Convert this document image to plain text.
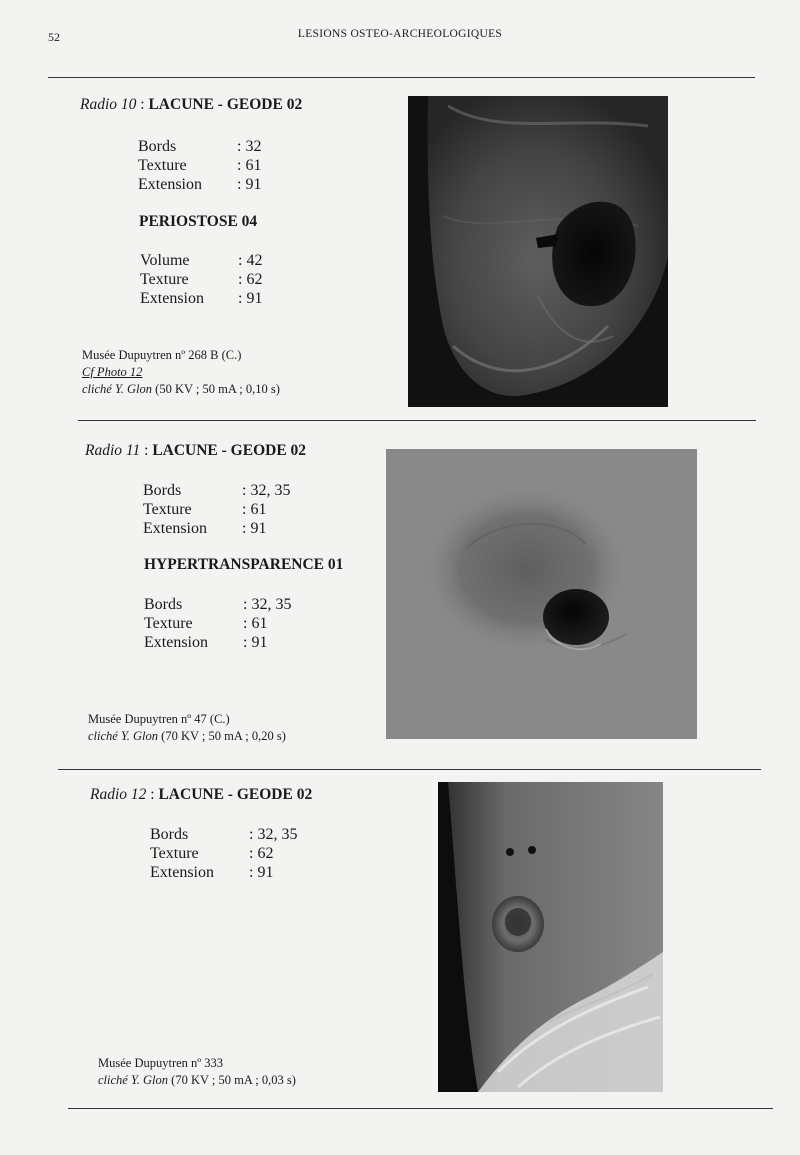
52	LESIONS OSTEO-ARCHEOLOGIQUES
Radio 10 : LACUNE - GEODE 02
Bords	: 32
Texture	: 61
Extension : 91
PERIOSTOSE 04
Volume	: 42
Texture	: 62
Extension : 91
Musée Dupuytren nº 268 B (C.)
Cf Photo 12
cliché Y. Glon (50 KV ; 50 mA ; 0,10 s)
Radio 11 : LACUNE - GEODE 02
Bords	: 32, 35
Texture	: 61
Extension : 91
HYPERTRANSPARENCE 01
Bords	: 32, 35
Texture	: 61
Extension : 91
Musée Dupuytren nº 47 (C.)
cliché Y. Glon (70 KV ; 50 mA ; 0,20 s)
Radio 12 : LACUNE - GEODE 02
Bords	: 32, 35
Texture	: 62
Extension : 91
Musée Dupuytren nº 333
cliché Y. Glon (70 KV ; 50 mA ; 0,03 s)
